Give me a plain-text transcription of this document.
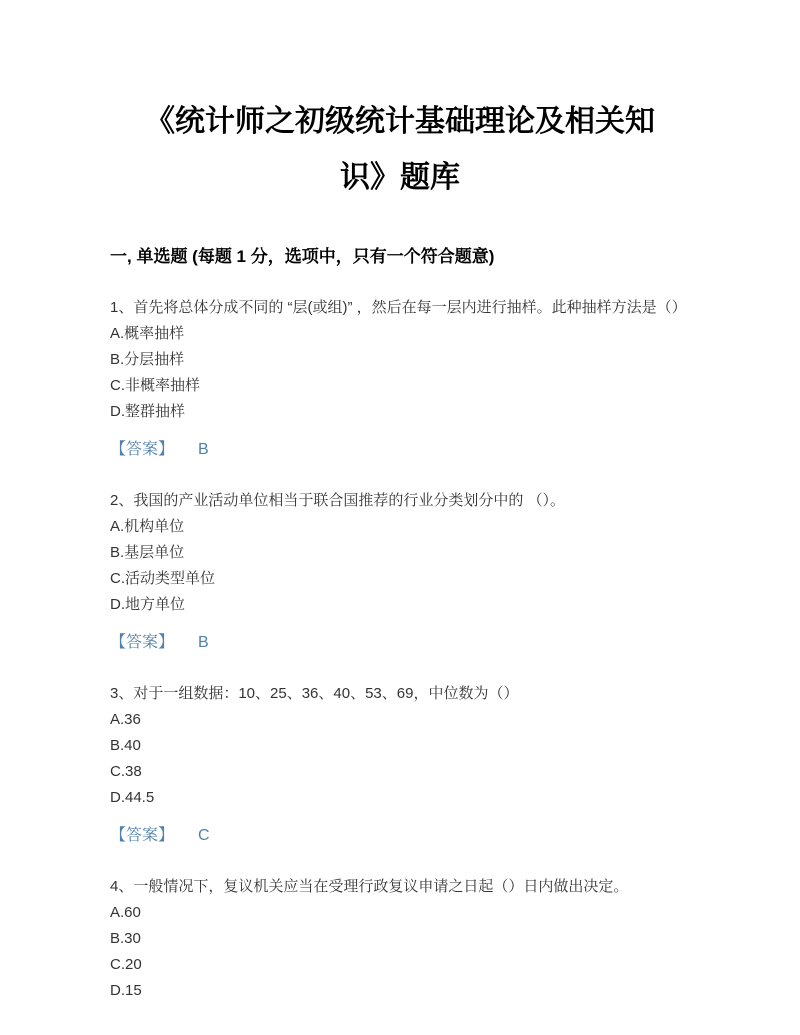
《统计师之初级统计基础理论及相关知识》题库
一, 单选题 (每题 1 分，选项中，只有一个符合题意)
1、首先将总体分成不同的 “层(或组)” ，然后在每一层内进行抽样。此种抽样方法是（）
A.概率抽样
B.分层抽样
C.非概率抽样
D.整群抽样
【答案】 B
2、我国的产业活动单位相当于联合国推荐的行业分类划分中的 （）。
A.机构单位
B.基层单位
C.活动类型单位
D.地方单位
【答案】 B
3、对于一组数据：10、25、36、40、53、69，中位数为（）
A.36
B.40
C.38
D.44.5
【答案】 C
4、一般情况下，复议机关应当在受理行政复议申请之日起（）日内做出决定。
A.60
B.30
C.20
D.15
